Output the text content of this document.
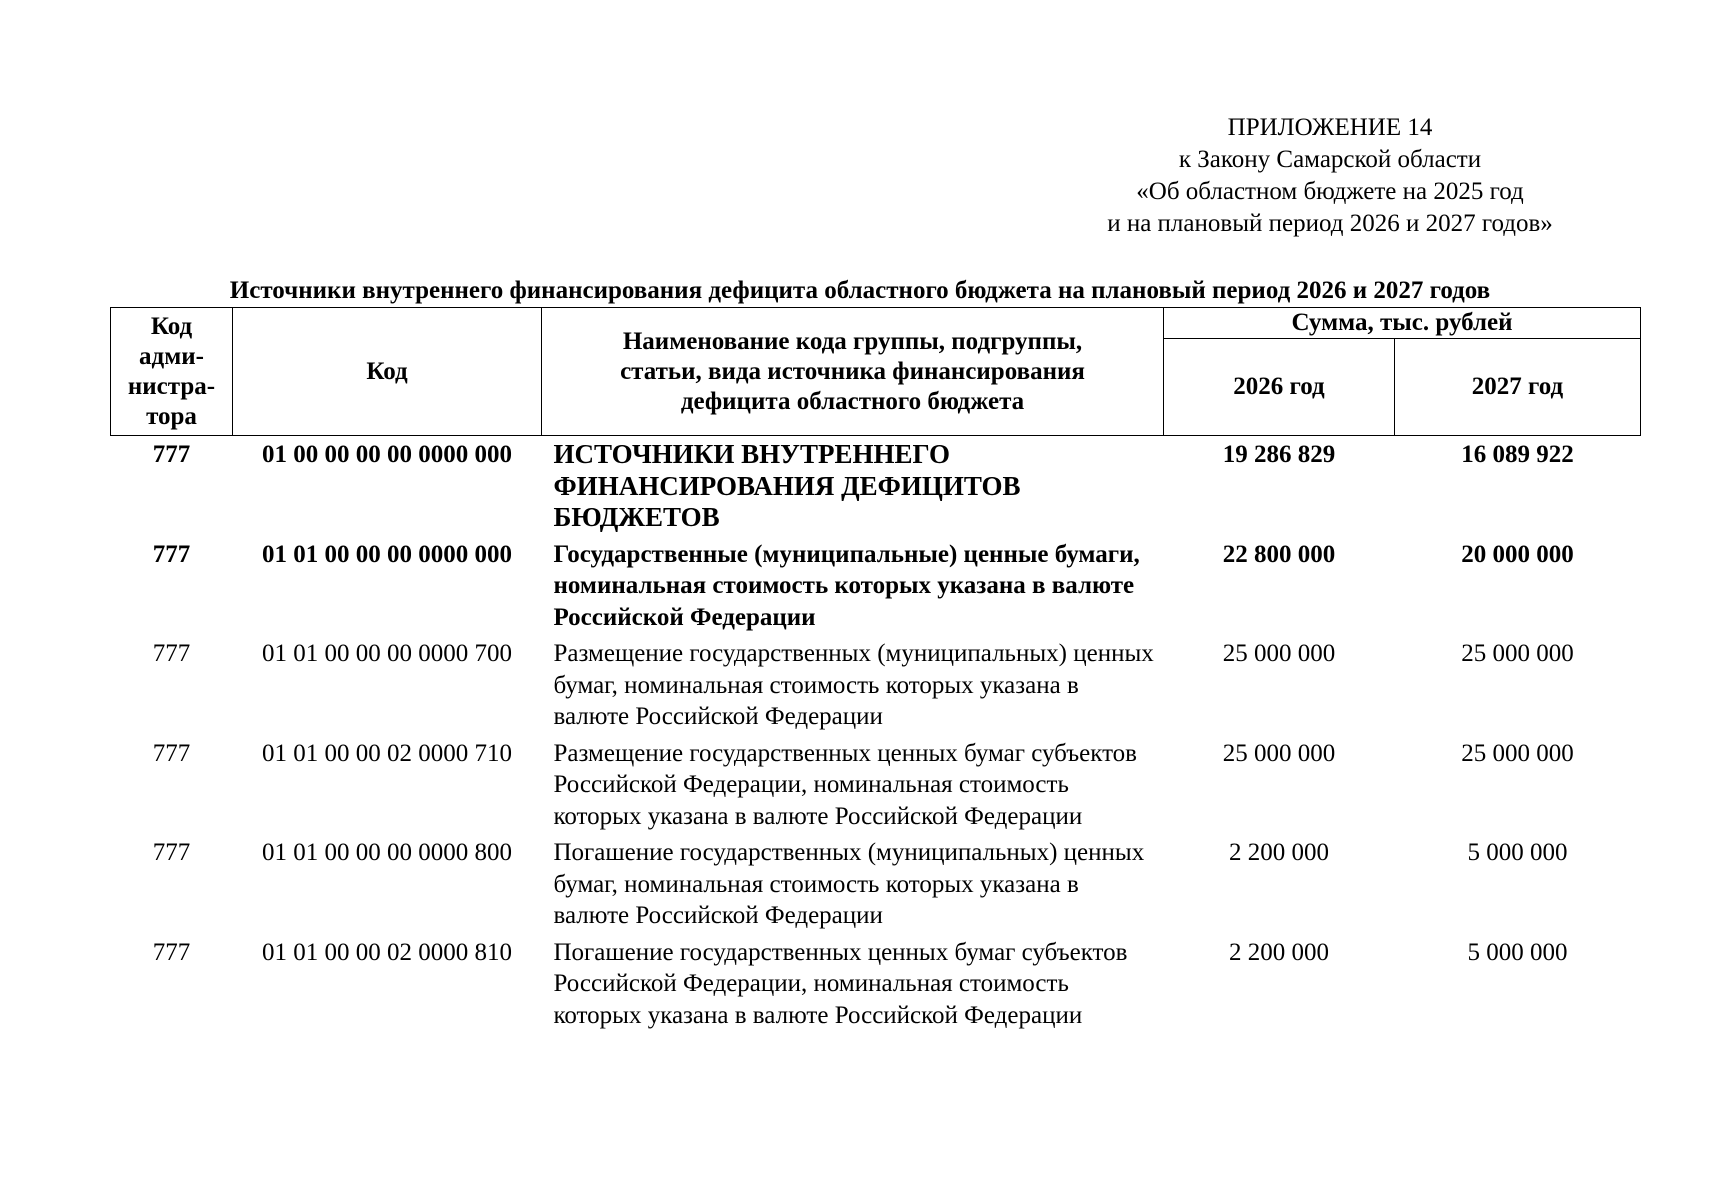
ПРИЛОЖЕНИЕ 14
к Закону Самарской области
«Об областном бюджете на 2025 год
и на плановый период 2026 и 2027 годов»
Источники внутреннего финансирования дефицита областного бюджета на плановый период 2026 и 2027 годов
Код
адми-
нистра-
тора	Код	Наименование кода группы, подгруппы,
статьи, вида источника финансирования
дефицита областного бюджета	Сумма, тыс. рублей	
			2026 год	2027 год
777	01 00 00 00 00 0000 000	ИСТОЧНИКИ ВНУТРЕННЕГО ФИНАНСИРОВАНИЯ ДЕФИЦИТОВ БЮДЖЕТОВ	19 286 829	16 089 922
777	01 01 00 00 00 0000 000	Государственные (муниципальные) ценные бумаги, номинальная стоимость которых указана в валюте Российской Федерации	22 800 000	20 000 000
777	01 01 00 00 00 0000 700	Размещение государственных (муниципальных) ценных бумаг, номинальная стоимость которых указана в валюте Российской Федерации	25 000 000	25 000 000
777	01 01 00 00 02 0000 710	Размещение государственных ценных бумаг субъектов Российской Федерации, номинальная стоимость которых указана в валюте Российской Федерации	25 000 000	25 000 000
777	01 01 00 00 00 0000 800	Погашение государственных (муниципальных) ценных бумаг, номинальная стоимость которых указана в валюте Российской Федерации	2 200 000	5 000 000
777	01 01 00 00 02 0000 810	Погашение государственных ценных бумаг субъектов Российской Федерации, номинальная стоимость которых указана в валюте Российской Федерации	2 200 000	5 000 000
